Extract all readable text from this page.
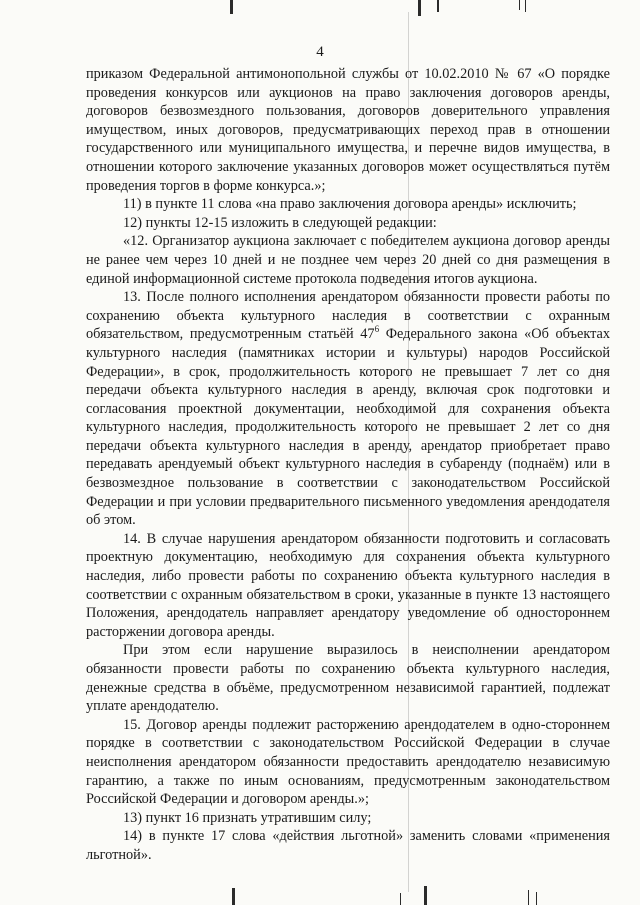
4

приказом Федеральной антимонопольной службы от 10.02.2010 № 67 «О порядке проведения конкурсов или аукционов на право заключения договоров аренды, договоров безвозмездного пользования, договоров доверительного управления имуществом, иных договоров, предусматривающих переход прав в отношении государственного или муниципального имущества, и перечне видов имущества, в отношении которого заключение указанных договоров может осуществляться путём проведения торгов в форме конкурса.»;

11) в пункте 11 слова «на право заключения договора аренды» исключить;

12) пункты 12-15 изложить в следующей редакции:

«12. Организатор аукциона заключает с победителем аукциона договор аренды не ранее чем через 10 дней и не позднее чем через 20 дней со дня размещения в единой информационной системе протокола подведения итогов аукциона.

13. После полного исполнения арендатором обязанности провести работы по сохранению объекта культурного наследия в соответствии с охранным обязательством, предусмотренным статьёй $47^6$ Федерального закона «Об объектах культурного наследия (памятниках истории и культуры) народов Российской Федерации», в срок, продолжительность которого не превышает 7 лет со дня передачи объекта культурного наследия в аренду, включая срок подготовки и согласования проектной документации, необходимой для сохранения объекта культурного наследия, продолжительность которого не превышает 2 лет со дня передачи объекта культурного наследия в аренду, арендатор приобретает право передавать арендуемый объект культурного наследия в субаренду (поднаём) или в безвозмездное пользование в соответствии с законодательством Российской Федерации и при условии предварительного письменного уведомления арендодателя об этом.

14. В случае нарушения арендатором обязанности подготовить и согласовать проектную документацию, необходимую для сохранения объекта культурного наследия, либо провести работы по сохранению объекта культурного наследия в соответствии с охранным обязательством в сроки, указанные в пункте 13 настоящего Положения, арендодатель направляет арендатору уведомление об одностороннем расторжении договора аренды.

При этом если нарушение выразилось в неисполнении арендатором обязанности провести работы по сохранению объекта культурного наследия, денежные средства в объёме, предусмотренном независимой гарантией, подлежат уплате арендодателю.

15. Договор аренды подлежит расторжению арендодателем в одно-стороннем порядке в соответствии с законодательством Российской Федерации в случае неисполнения арендатором обязанности предоставить арендодателю независимую гарантию, а также по иным основаниям, предусмотренным законодательством Российской Федерации и договором аренды.»;

13) пункт 16 признать утратившим силу;

14) в пункте 17 слова «действия льготной» заменить словами «применения льготной».
